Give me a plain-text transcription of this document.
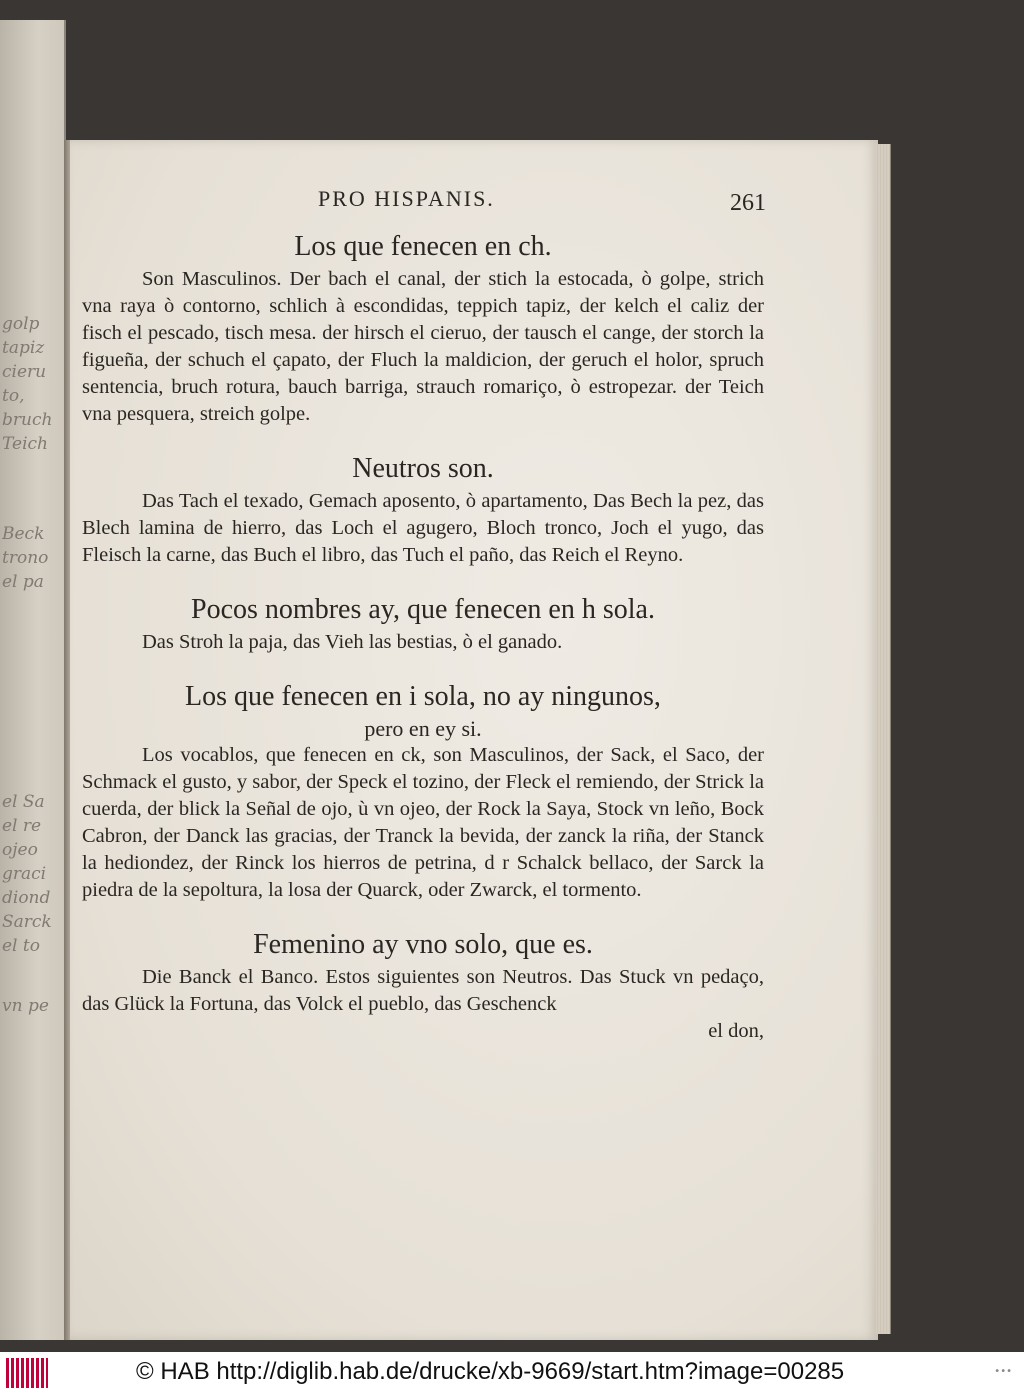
golp
tapiz
cieru
to,
bruch
Teich
Beck
trono
el pa
el Sa
el re
ojeo
graci
diond
Sarck
el to
vn pe
PRO HISPANIS.	261
Los que fenecen en ch.
Son Masculinos. Der bach el canal, der stich la estocada, ò golpe, strich vna raya ò contorno, schlich à escondidas, teppich tapiz, der kelch el caliz der fisch el pescado, tisch mesa. der hirsch el cieruo, der tausch el cange, der storch la figueña, der schuch el çapato, der Fluch la maldicion, der geruch el holor, spruch sentencia, bruch rotura, bauch barriga, strauch romariço, ò estropezar. der Teich vna pesquera, streich golpe.
Neutros son.
Das Tach el texado, Gemach aposento, ò apartamento, Das Bech la pez, das Blech lamina de hierro, das Loch el agugero, Bloch tronco, Joch el yugo, das Fleisch la carne, das Buch el libro, das Tuch el paño, das Reich el Reyno.
Pocos nombres ay, que fenecen en h sola.
Das Stroh la paja, das Vieh las bestias, ò el ganado.
Los que fenecen en i sola, no ay ningunos,
pero en ey si.
Los vocablos, que fenecen en ck, son Masculinos, der Sack, el Saco, der Schmack el gusto, y sabor, der Speck el tozino, der Fleck el remiendo, der Strick la cuerda, der blick la Señal de ojo, ù vn ojeo, der Rock la Saya, Stock vn leño, Bock Cabron, der Danck las gracias, der Tranck la bevida, der zanck la riña, der Stanck la hediondez, der Rinck los hierros de petrina, d r Schalck bellaco, der Sarck la piedra de la sepoltura, la losa der Quarck, oder Zwarck, el tormento.
Femenino ay vno solo, que es.
Die Banck el Banco. Estos siguientes son Neutros. Das Stuck vn pedaço, das Glück la Fortuna, das Volck el pueblo, das Geschenck
el don,
© HAB http://diglib.hab.de/drucke/xb-9669/start.htm?image=00285	•••
